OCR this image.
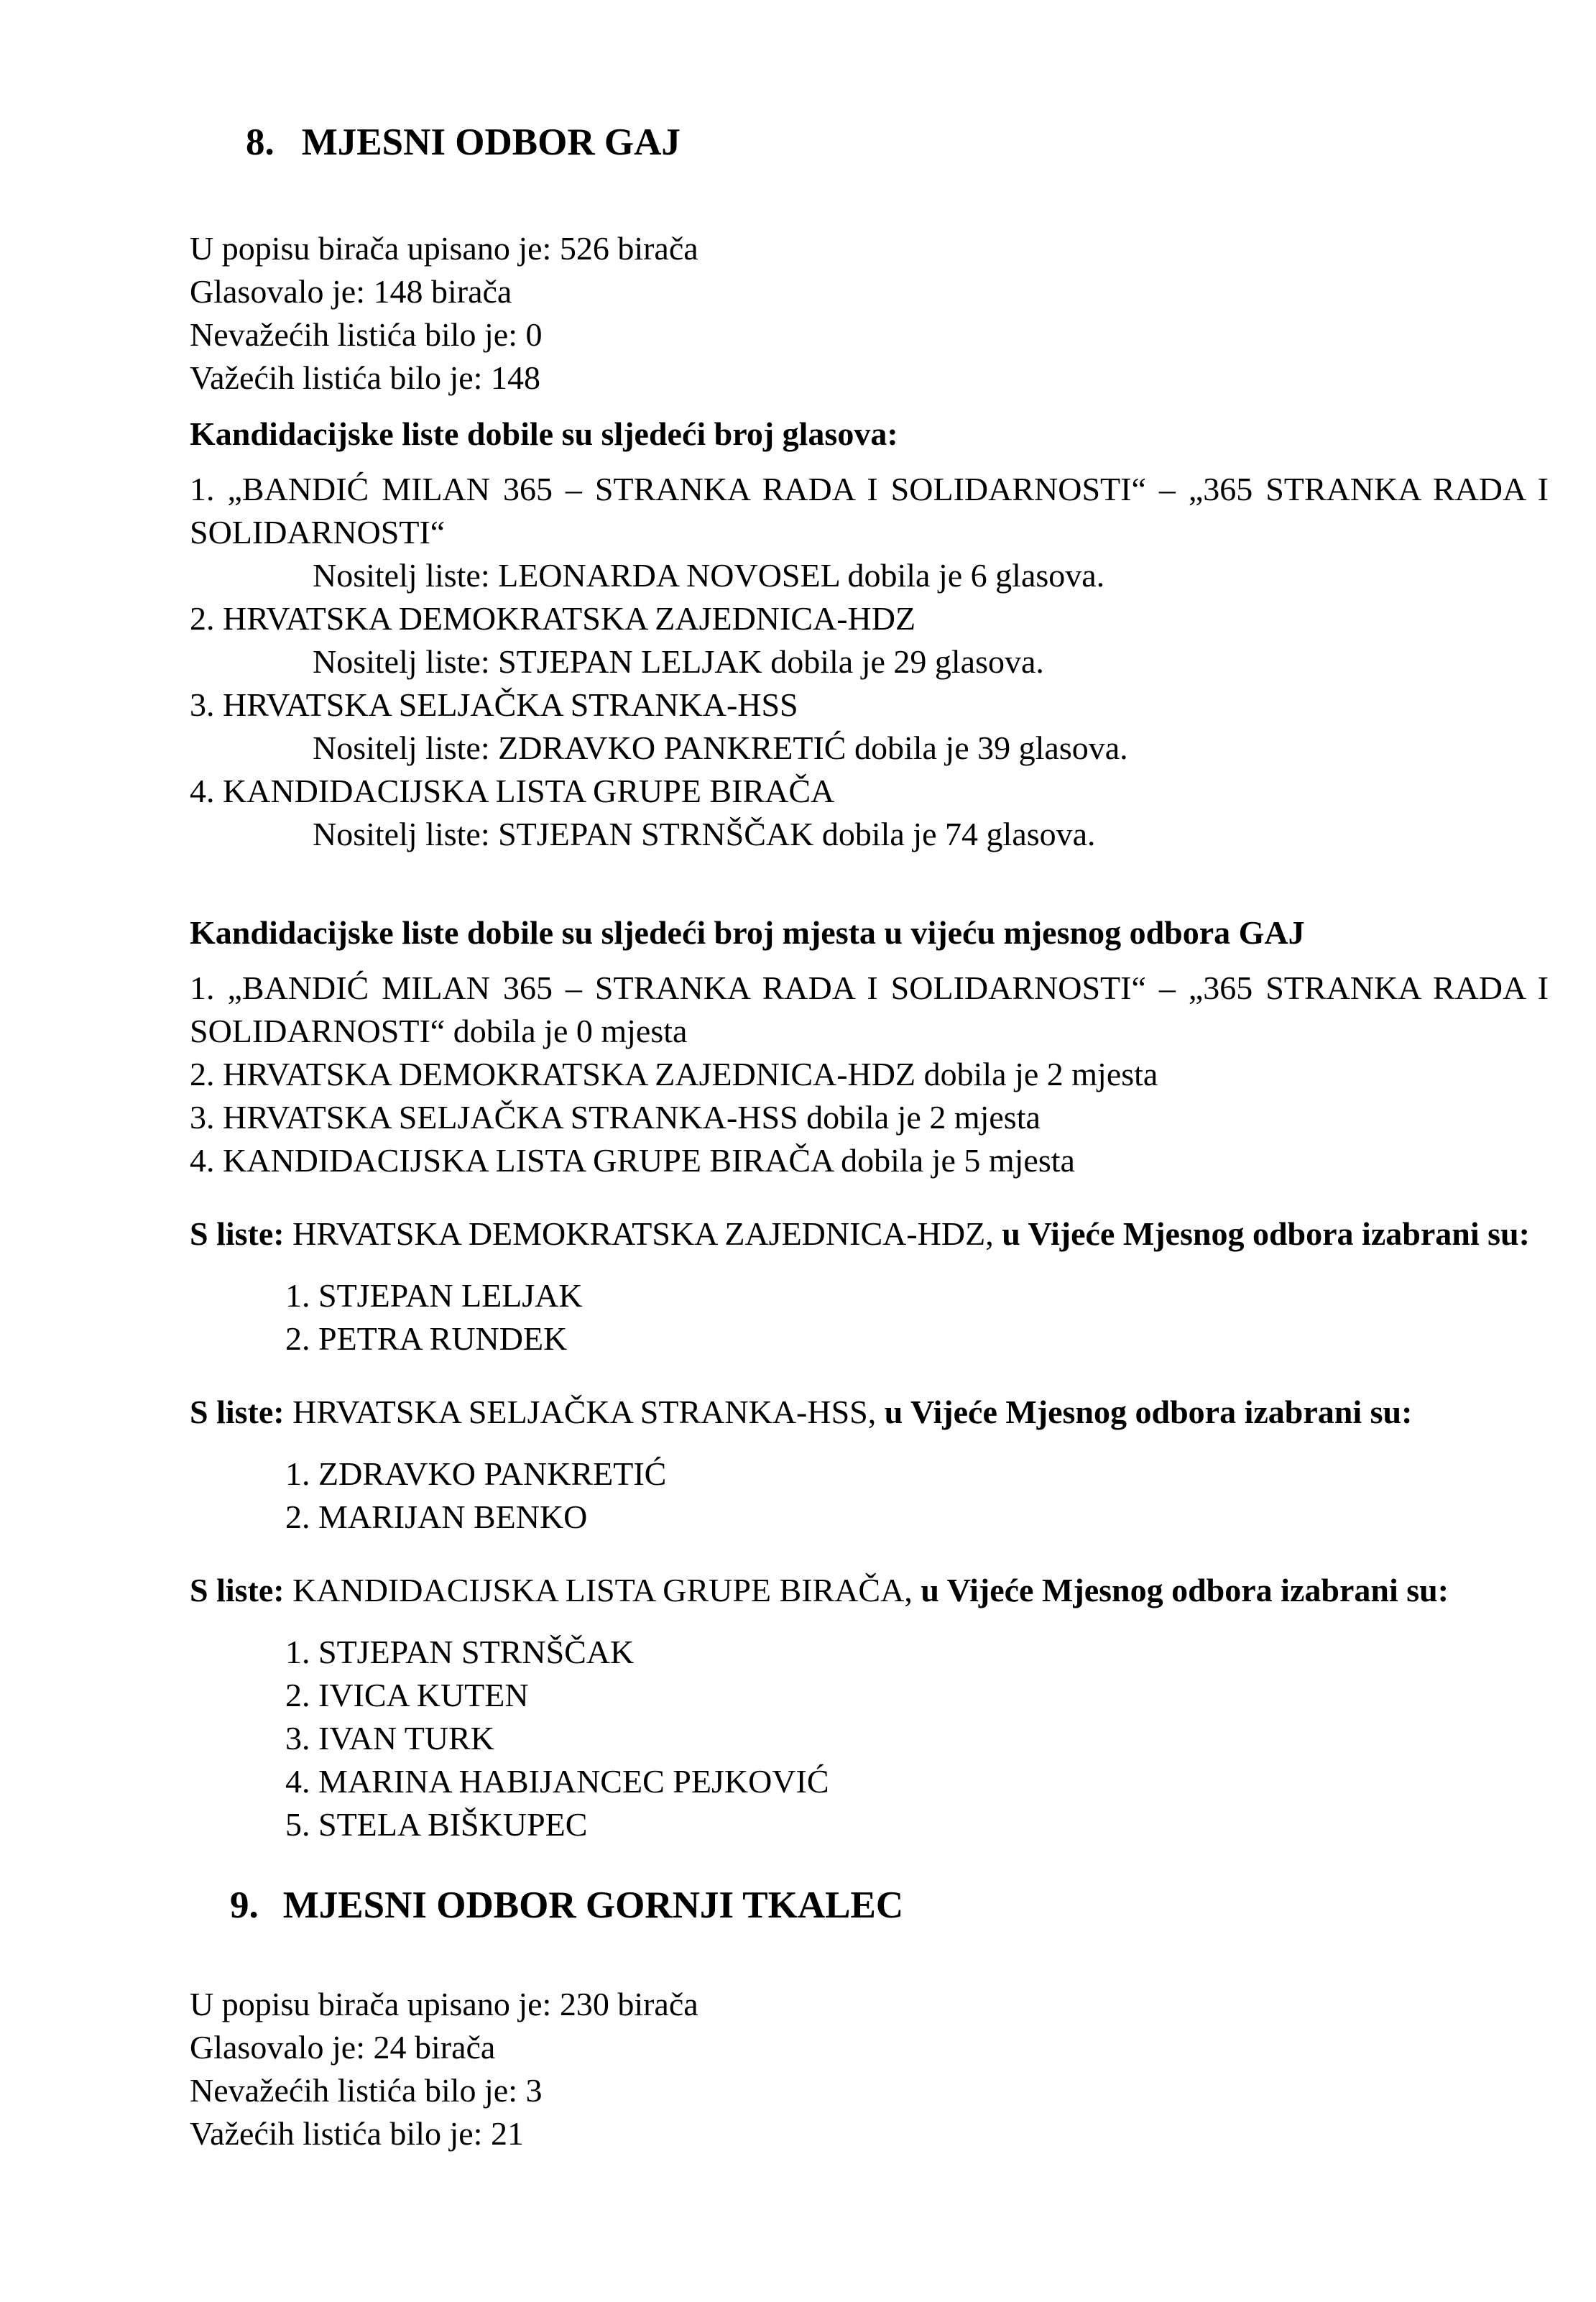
8. MJESNI ODBOR GAJ
U popisu birača upisano je: 526 birača
Glasovalo je: 148 birača
Nevažećih listića bilo je: 0
Važećih listića bilo je: 148

Kandidacijske liste dobile su sljedeći broj glasova:

1. „BANDIĆ MILAN 365 – STRANKA RADA I SOLIDARNOSTI“ – „365 STRANKA RADA I SOLIDARNOSTI“

Nositelj liste: LEONARDA NOVOSEL dobila je 6 glasova.

2. HRVATSKA DEMOKRATSKA ZAJEDNICA-HDZ

Nositelj liste: STJEPAN LELJAK dobila je 29 glasova.

3. HRVATSKA SELJAČKA STRANKA-HSS

Nositelj liste: ZDRAVKO PANKRETIĆ dobila je 39 glasova.

4. KANDIDACIJSKA LISTA GRUPE BIRAČA

Nositelj liste: STJEPAN STRNŠČAK dobila je 74 glasova.

Kandidacijske liste dobile su sljedeći broj mjesta u vijeću mjesnog odbora GAJ

1. „BANDIĆ MILAN 365 – STRANKA RADA I SOLIDARNOSTI“ – „365 STRANKA RADA I SOLIDARNOSTI“ dobila je 0 mjesta

2. HRVATSKA DEMOKRATSKA ZAJEDNICA-HDZ dobila je 2 mjesta

3. HRVATSKA SELJAČKA STRANKA-HSS dobila je 2 mjesta

4. KANDIDACIJSKA LISTA GRUPE BIRAČA dobila je 5 mjesta

S liste: HRVATSKA DEMOKRATSKA ZAJEDNICA-HDZ, u Vijeće Mjesnog odbora izabrani su:

1. STJEPAN LELJAK
2. PETRA RUNDEK

S liste: HRVATSKA SELJAČKA STRANKA-HSS, u Vijeće Mjesnog odbora izabrani su:

1. ZDRAVKO PANKRETIĆ
2. MARIJAN BENKO

S liste: KANDIDACIJSKA LISTA GRUPE BIRAČA, u Vijeće Mjesnog odbora izabrani su:

1. STJEPAN STRNŠČAK
2. IVICA KUTEN
3. IVAN TURK
4. MARINA HABIJANCEC PEJKOVIĆ
5. STELA BIŠKUPEC
9. MJESNI ODBOR GORNJI TKALEC
U popisu birača upisano je: 230 birača
Glasovalo je: 24 birača
Nevažećih listića bilo je: 3
Važećih listića bilo je: 21
